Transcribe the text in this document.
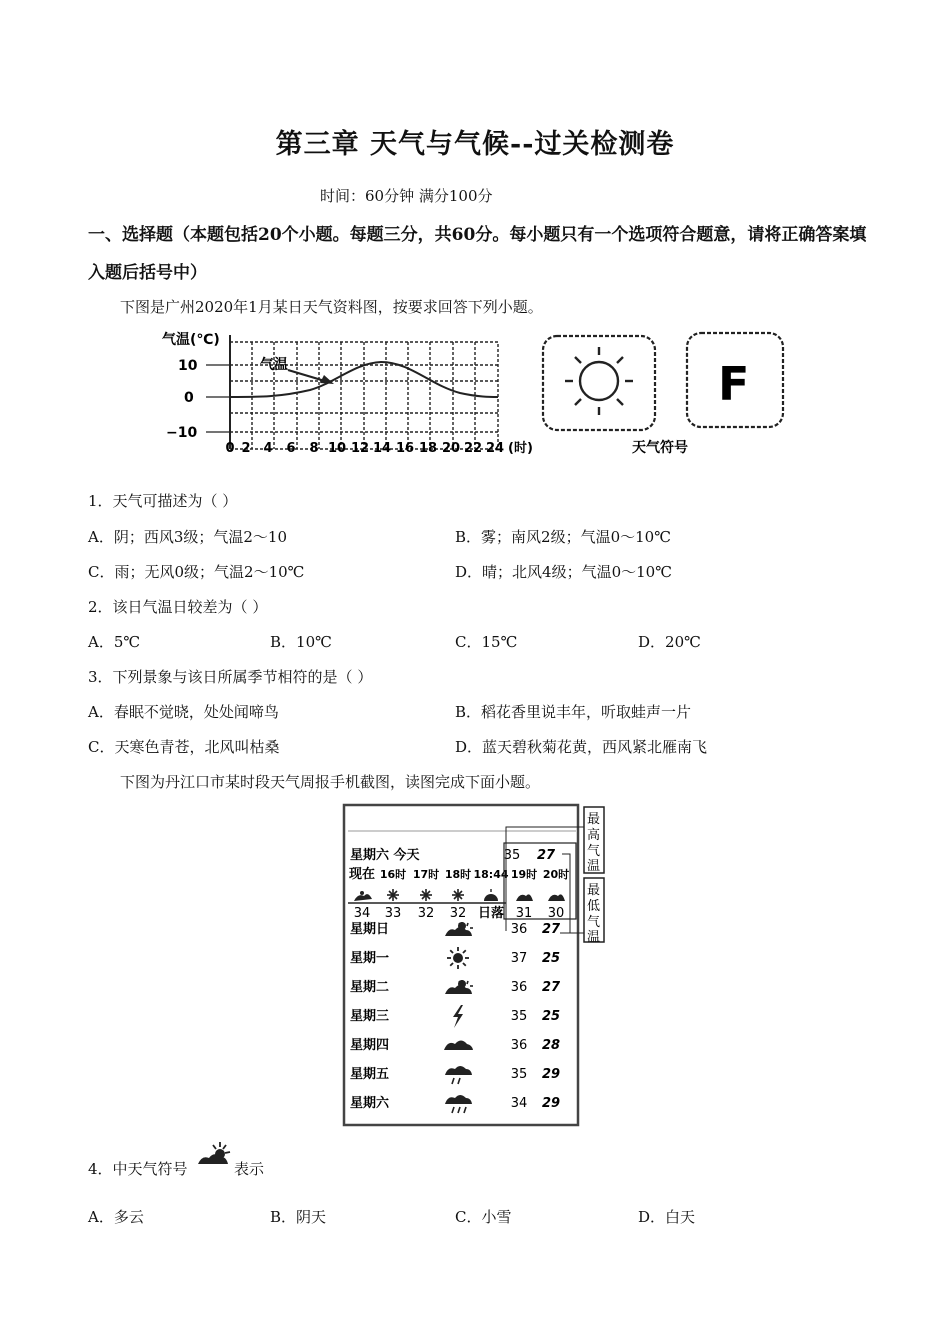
第三章 天气与气候--过关检测卷
时间：60分钟 满分100分
一、选择题（本题包括20个小题。每题三分，共60分。每小题只有一个选项符合题意，请将正确答案填入题后括号中）
下图是广州2020年1月某日天气资料图，按要求回答下列小题。
气温(℃)
10
0
−10
气温
0 2 4 6 8 10 12 14 16 18 20 22 24 (时)
F
天气符号
1．天气可描述为（ ）
A．阴；西风3级；气温2～10	B．雾；南风2级；气温0～10℃
C．雨；无风0级；气温2～10℃	D．晴；北风4级；气温0～10℃
2．该日气温日较差为（ ）
A．5℃	B．10℃	C．15℃	D．20℃
3．下列景象与该日所属季节相符的是（ ）
A．春眠不觉晓，处处闻啼鸟	B．稻花香里说丰年，听取蛙声一片
C．天寒色青苍，北风叫枯桑	D．蓝天碧秋菊花黄，西风紧北雁南飞
下图为丹江口市某时段天气周报手机截图，读图完成下面小题。
星期六 今天	35 27
现在 16时 17时 18时 18:44 19时 20时
34 33 32 32 日落 31 30
星期日	36 27
星期一	37 25
星期二	36 27
星期三	35 25
星期四	36 28
星期五	35 29
星期六	34 29
最高气温
最低气温
4．中天气符号	表示
A．多云	B．阴天	C．小雪	D．白天
